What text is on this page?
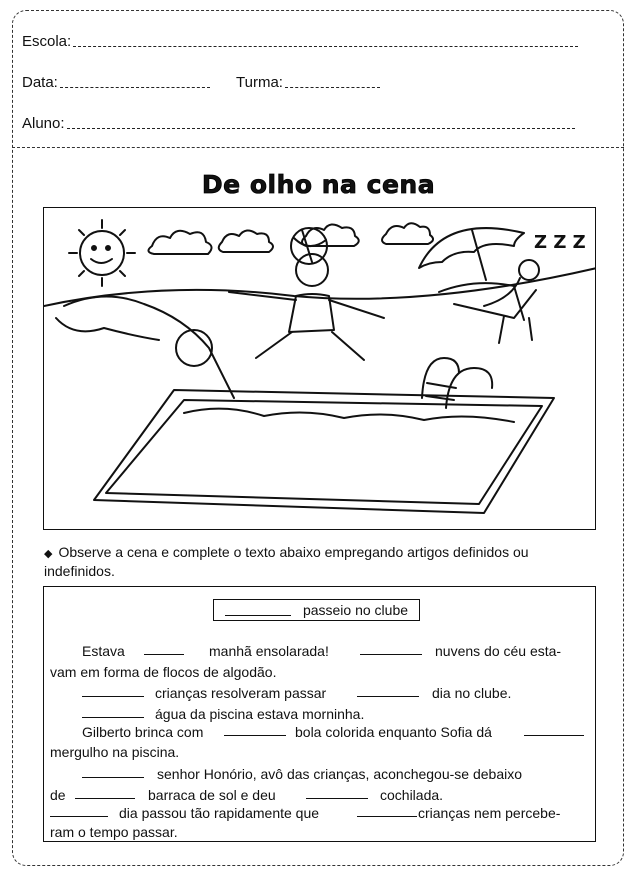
Escola:
Data:	Turma:
Aluno:
De olho na cena
Z Z Z
◆ Observe a cena e complete o texto abaixo empregando artigos definidos ou indefinidos.
passeio no clube
Estava	manhã ensolarada!	nuvens do céu esta-
vam em forma de flocos de algodão.
crianças resolveram passar	dia no clube.
água da piscina estava morninha.
Gilberto brinca com	bola colorida enquanto Sofia dá
mergulho na piscina.
senhor Honório, avô das crianças, aconchegou-se debaixo
de	barraca de sol e deu	cochilada.
dia passou tão rapidamente que	crianças nem percebe-
ram o tempo passar.
